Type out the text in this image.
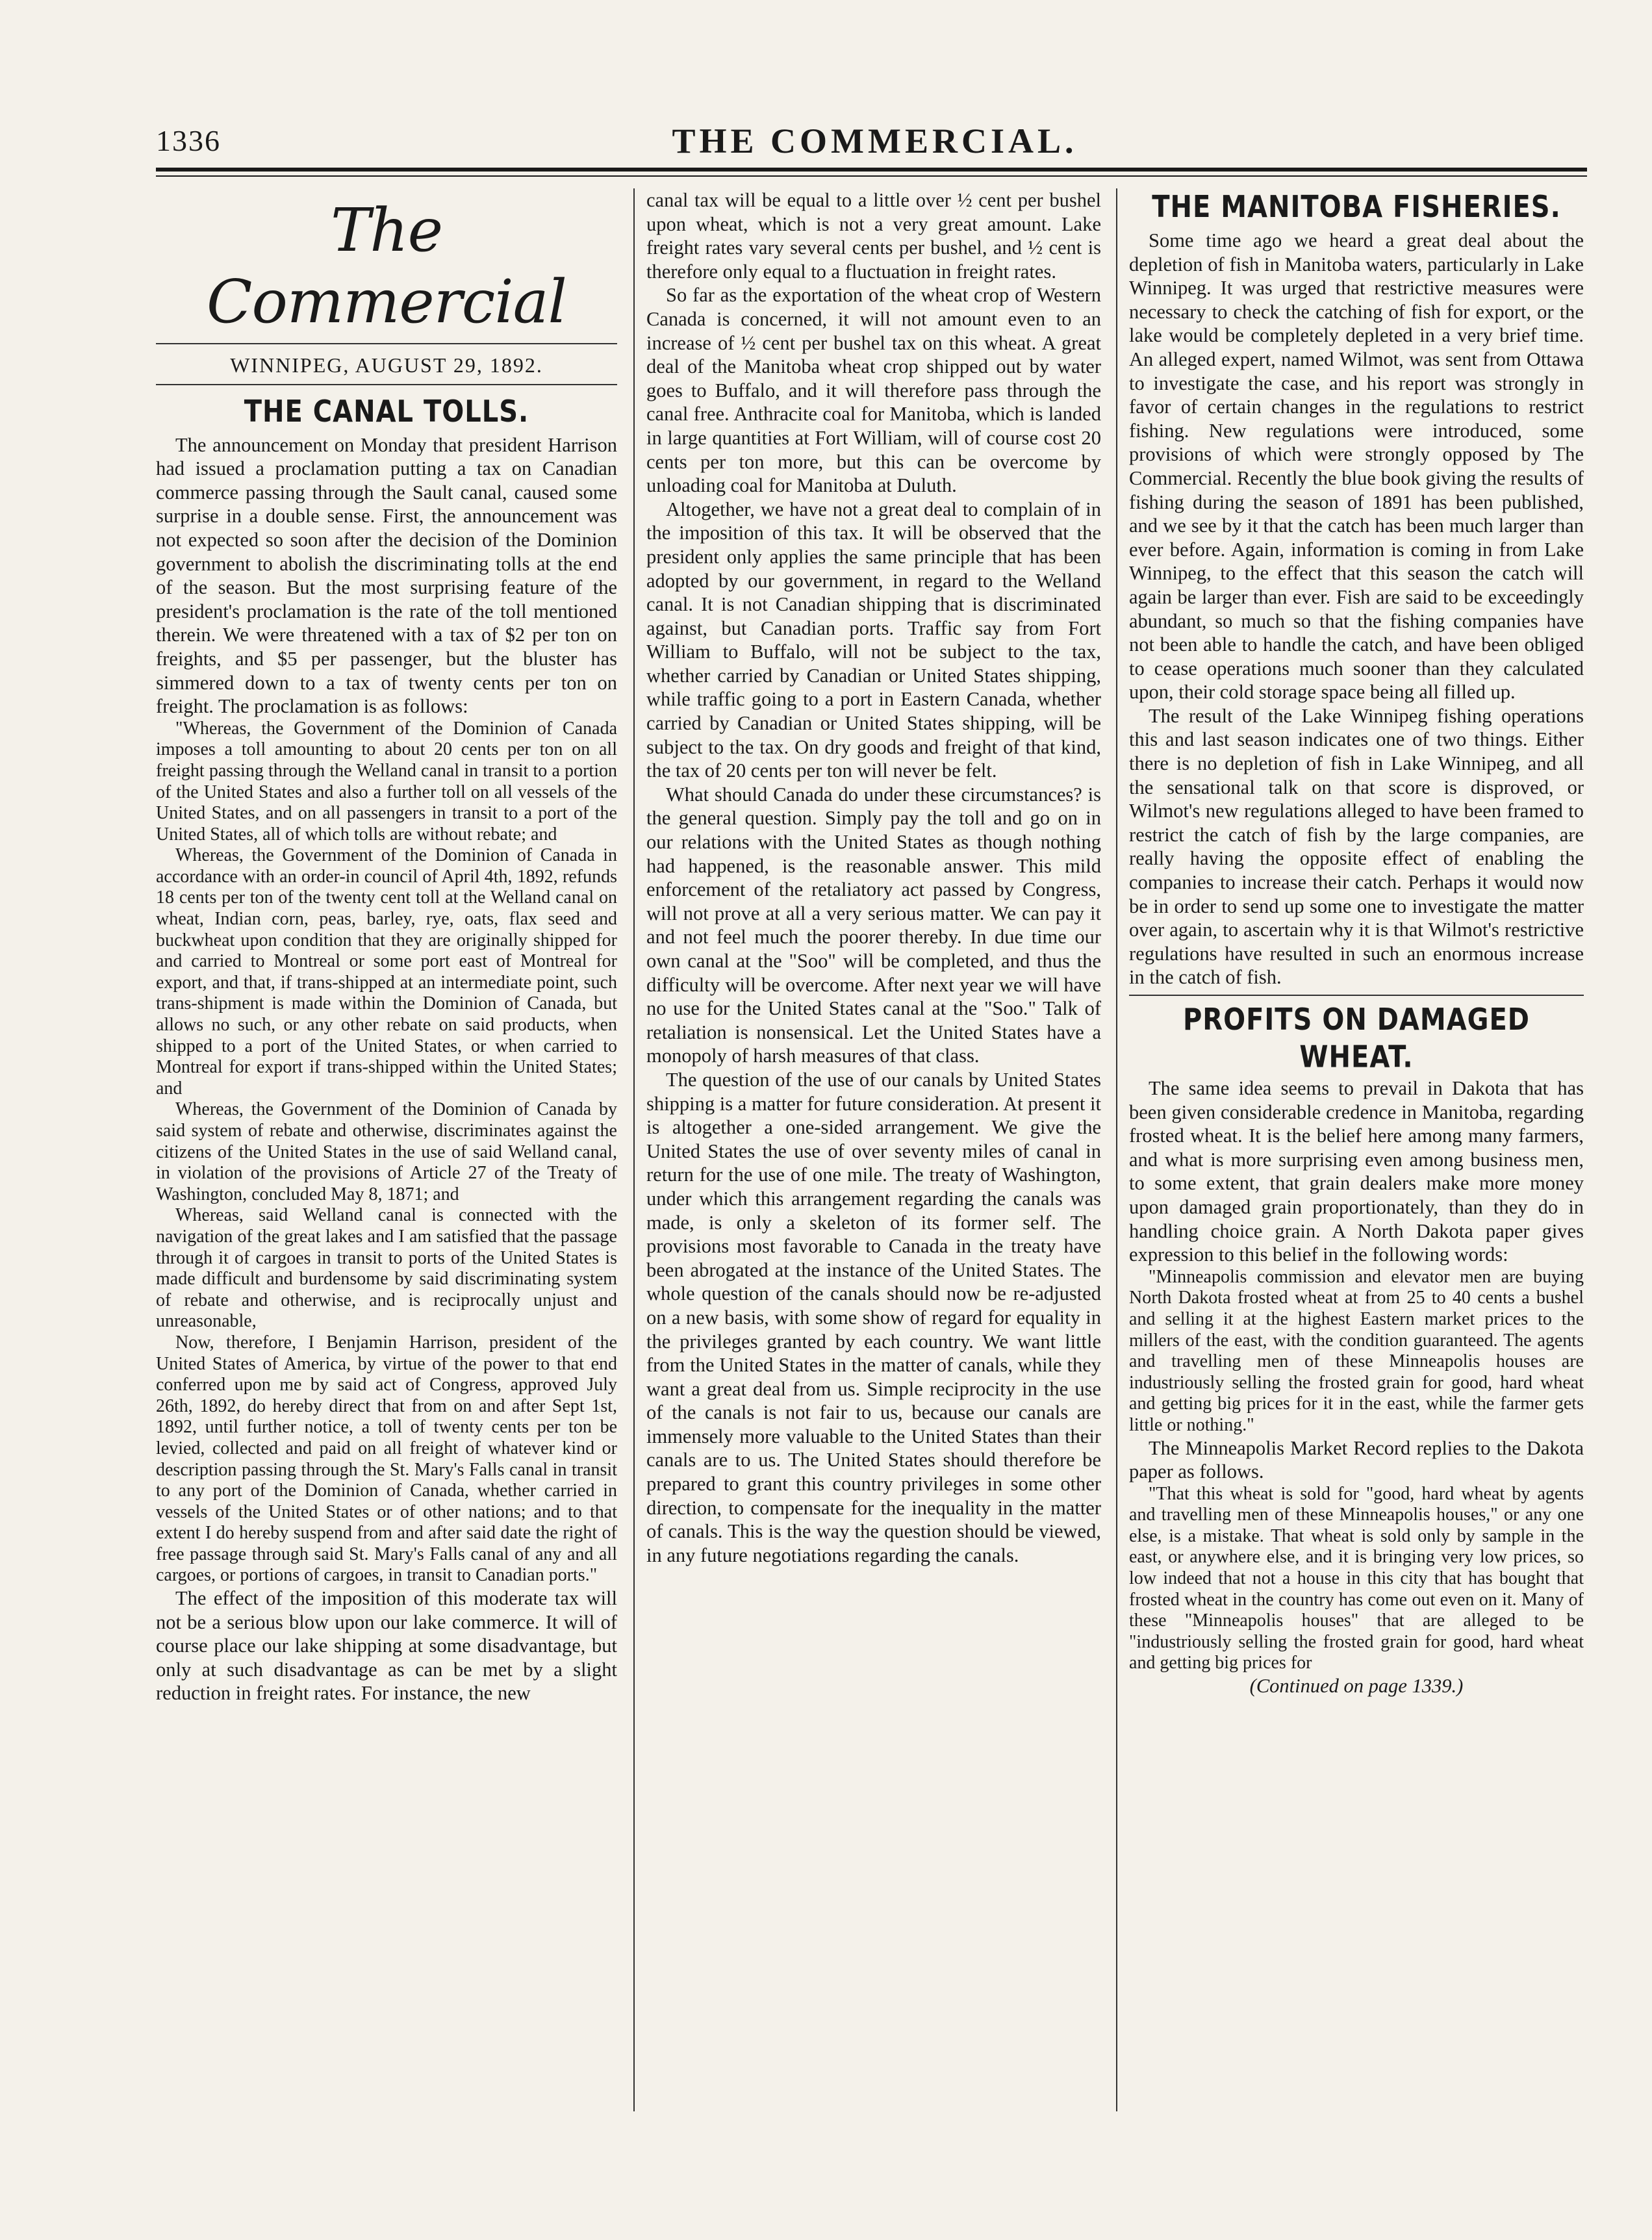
1336	THE COMMERCIAL.
The Commercial
WINNIPEG, AUGUST 29, 1892.
THE CANAL TOLLS.

The announcement on Monday that president Harrison had issued a proclamation putting a tax on Canadian commerce passing through the Sault canal, caused some surprise in a double sense. First, the announcement was not expected so soon after the decision of the Dominion government to abolish the discriminating tolls at the end of the season. But the most surprising feature of the president's proclamation is the rate of the toll mentioned therein. We were threatened with a tax of $2 per ton on freights, and $5 per passenger, but the bluster has simmered down to a tax of twenty cents per ton on freight. The proclamation is as follows:

"Whereas, the Government of the Dominion of Canada imposes a toll amounting to about 20 cents per ton on all freight passing through the Welland canal in transit to a portion of the United States and also a further toll on all vessels of the United States, and on all passengers in transit to a port of the United States, all of which tolls are without rebate; and

Whereas, the Government of the Dominion of Canada in accordance with an order-in council of April 4th, 1892, refunds 18 cents per ton of the twenty cent toll at the Welland canal on wheat, Indian corn, peas, barley, rye, oats, flax seed and buckwheat upon condition that they are originally shipped for and carried to Montreal or some port east of Montreal for export, and that, if trans-shipped at an intermediate point, such trans-shipment is made within the Dominion of Canada, but allows no such, or any other rebate on said products, when shipped to a port of the United States, or when carried to Montreal for export if trans-shipped within the United States; and

Whereas, the Government of the Dominion of Canada by said system of rebate and otherwise, discriminates against the citizens of the United States in the use of said Welland canal, in violation of the provisions of Article 27 of the Treaty of Washington, concluded May 8, 1871; and

Whereas, said Welland canal is connected with the navigation of the great lakes and I am satisfied that the passage through it of cargoes in transit to ports of the United States is made difficult and burdensome by said discriminating system of rebate and otherwise, and is reciprocally unjust and unreasonable,

Now, therefore, I Benjamin Harrison, president of the United States of America, by virtue of the power to that end conferred upon me by said act of Congress, approved July 26th, 1892, do hereby direct that from on and after Sept 1st, 1892, until further notice, a toll of twenty cents per ton be levied, collected and paid on all freight of whatever kind or description passing through the St. Mary's Falls canal in transit to any port of the Dominion of Canada, whether carried in vessels of the United States or of other nations; and to that extent I do hereby suspend from and after said date the right of free passage through said St. Mary's Falls canal of any and all cargoes, or portions of cargoes, in transit to Canadian ports."

The effect of the imposition of this moderate tax will not be a serious blow upon our lake commerce. It will of course place our lake shipping at some disadvantage, but only at such disadvantage as can be met by a slight reduction in freight rates. For instance, the new

canal tax will be equal to a little over ½ cent per bushel upon wheat, which is not a very great amount. Lake freight rates vary several cents per bushel, and ½ cent is therefore only equal to a fluctuation in freight rates.

So far as the exportation of the wheat crop of Western Canada is concerned, it will not amount even to an increase of ½ cent per bushel tax on this wheat. A great deal of the Manitoba wheat crop shipped out by water goes to Buffalo, and it will therefore pass through the canal free. Anthracite coal for Manitoba, which is landed in large quantities at Fort William, will of course cost 20 cents per ton more, but this can be overcome by unloading coal for Manitoba at Duluth.

Altogether, we have not a great deal to complain of in the imposition of this tax. It will be observed that the president only applies the same principle that has been adopted by our government, in regard to the Welland canal. It is not Canadian shipping that is discriminated against, but Canadian ports. Traffic say from Fort William to Buffalo, will not be subject to the tax, whether carried by Canadian or United States shipping, while traffic going to a port in Eastern Canada, whether carried by Canadian or United States shipping, will be subject to the tax. On dry goods and freight of that kind, the tax of 20 cents per ton will never be felt.

What should Canada do under these circumstances? is the general question. Simply pay the toll and go on in our relations with the United States as though nothing had happened, is the reasonable answer. This mild enforcement of the retaliatory act passed by Congress, will not prove at all a very serious matter. We can pay it and not feel much the poorer thereby. In due time our own canal at the "Soo" will be completed, and thus the difficulty will be overcome. After next year we will have no use for the United States canal at the "Soo." Talk of retaliation is nonsensical. Let the United States have a monopoly of harsh measures of that class.

The question of the use of our canals by United States shipping is a matter for future consideration. At present it is altogether a one-sided arrangement. We give the United States the use of over seventy miles of canal in return for the use of one mile. The treaty of Washington, under which this arrangement regarding the canals was made, is only a skeleton of its former self. The provisions most favorable to Canada in the treaty have been abrogated at the instance of the United States. The whole question of the canals should now be re-adjusted on a new basis, with some show of regard for equality in the privileges granted by each country. We want little from the United States in the matter of canals, while they want a great deal from us. Simple reciprocity in the use of the canals is not fair to us, because our canals are immensely more valuable to the United States than their canals are to us. The United States should therefore be prepared to grant this country privileges in some other direction, to compensate for the inequality in the matter of canals. This is the way the question should be viewed, in any future negotiations regarding the canals.

THE MANITOBA FISHERIES.

Some time ago we heard a great deal about the depletion of fish in Manitoba waters, particularly in Lake Winnipeg. It was urged that restrictive measures were necessary to check the catching of fish for export, or the lake would be completely depleted in a very brief time. An alleged expert, named Wilmot, was sent from Ottawa to investigate the case, and his report was strongly in favor of certain changes in the regulations to restrict fishing. New regulations were introduced, some provisions of which were strongly opposed by The Commercial. Recently the blue book giving the results of fishing during the season of 1891 has been published, and we see by it that the catch has been much larger than ever before. Again, information is coming in from Lake Winnipeg, to the effect that this season the catch will again be larger than ever. Fish are said to be exceedingly abundant, so much so that the fishing companies have not been able to handle the catch, and have been obliged to cease operations much sooner than they calculated upon, their cold storage space being all filled up.

The result of the Lake Winnipeg fishing operations this and last season indicates one of two things. Either there is no depletion of fish in Lake Winnipeg, and all the sensational talk on that score is disproved, or Wilmot's new regulations alleged to have been framed to restrict the catch of fish by the large companies, are really having the opposite effect of enabling the companies to increase their catch. Perhaps it would now be in order to send up some one to investigate the matter over again, to ascertain why it is that Wilmot's restrictive regulations have resulted in such an enormous increase in the catch of fish.

PROFITS ON DAMAGED WHEAT.

The same idea seems to prevail in Dakota that has been given considerable credence in Manitoba, regarding frosted wheat. It is the belief here among many farmers, and what is more surprising even among business men, to some extent, that grain dealers make more money upon damaged grain proportionately, than they do in handling choice grain. A North Dakota paper gives expression to this belief in the following words:

"Minneapolis commission and elevator men are buying North Dakota frosted wheat at from 25 to 40 cents a bushel and selling it at the highest Eastern market prices to the millers of the east, with the condition guaranteed. The agents and travelling men of these Minneapolis houses are industriously selling the frosted grain for good, hard wheat and getting big prices for it in the east, while the farmer gets little or nothing."

The Minneapolis Market Record replies to the Dakota paper as follows.

"That this wheat is sold for "good, hard wheat by agents and travelling men of these Minneapolis houses," or any one else, is a mistake. That wheat is sold only by sample in the east, or anywhere else, and it is bringing very low prices, so low indeed that not a house in this city that has bought that frosted wheat in the country has come out even on it. Many of these "Minneapolis houses" that are alleged to be "industriously selling the frosted grain for good, hard wheat and getting big prices for

(Continued on page 1339.)
